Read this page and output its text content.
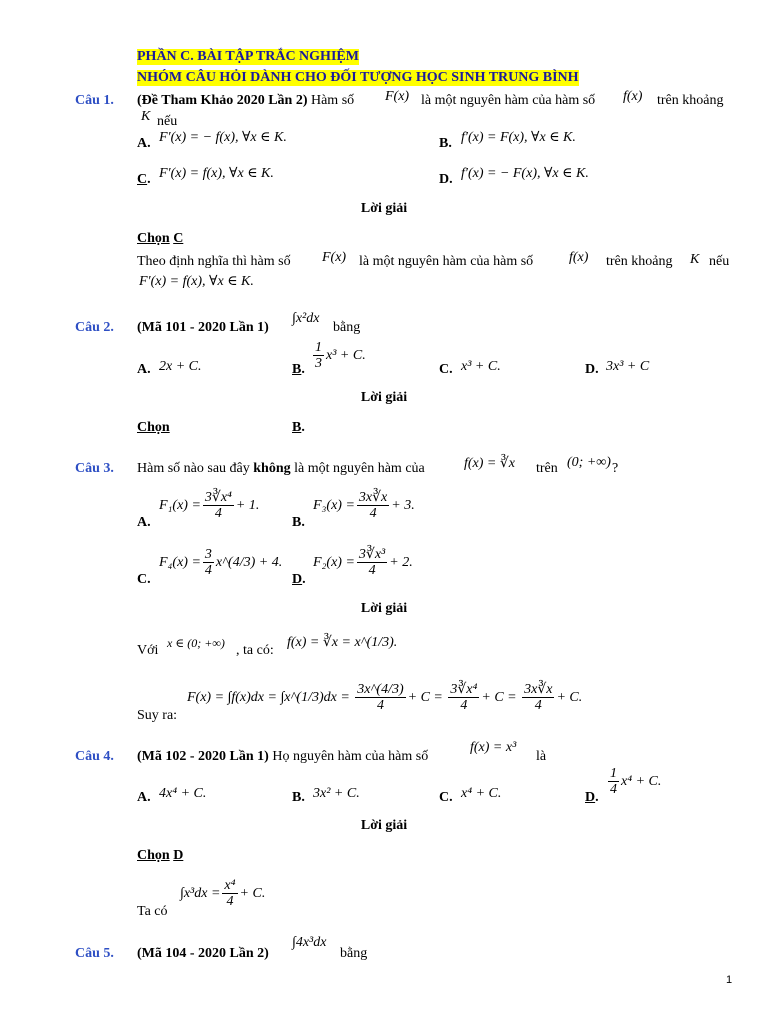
PHẦN C. BÀI TẬP TRẮC NGHIỆM
NHÓM CÂU HỎI DÀNH CHO ĐỐI TƯỢNG HỌC SINH TRUNG BÌNH
Câu 1. (Đề Tham Khảo 2020 Lần 2) Hàm số F(x) là một nguyên hàm của hàm số f(x) trên khoảng
K nếu
A. F′(x) = − f(x), ∀x ∈ K.	B. f′(x) = F(x), ∀x ∈ K.
C. F′(x) = f(x), ∀x ∈ K.	D. f′(x) = − F(x), ∀x ∈ K.
Lời giải
Chọn C
Theo định nghĩa thì hàm số F(x) là một nguyên hàm của hàm số	f(x) trên khoảng K nếu
F′(x) = f(x), ∀x ∈ K.
Câu 2. (Mã 101 - 2020 Lần 1)
∫x²dx
bằng
A. 2x + C.	B. $\frac{1}{3} x^3 + C$.
C. x³ + C.	D. 3x³ + C
Lời giải
Chọn	B.
Câu 3. Hàm số nào sau đây không là một nguyên hàm của	f(x) = ∛x trên (0; +∞) ?
A.
$F_1(x) = \frac{\text{3∛x⁴}}{4} + 1$.
B.
$F_3(x) = \frac{3x∛x}{4} + 3$.
C.
$F_4(x) = \frac{3}{4}$ x^(4/3) + 4.
D.
$F_2(x) = \frac{\text{3∛x³}}{4} + 2$.
Lời giải
Với x ∈ (0; +∞) , ta có:
f(x) = ∛x = x^(1/3).
Suy ra:
F(x) = ∫f(x)dx = ∫x^(1/3)dx = $\frac{3x\^{}(4/3)}{4} + C = \frac{\text{3∛x⁴}}{4} + C = \frac{3x∛x}{4} + C$.
Câu 4. (Mã 102 - 2020 Lần 1) Họ nguyên hàm của hàm số
f(x) = x³
là
A. 4x⁴ + C.	B. 3x² + C.	C. x⁴ + C.	D. $\frac{1}{4} x^4 + C$.
Lời giải
Chọn D
Ta có
$\int x^3dx = \frac{\text{x⁴}}{4} + C$.
Câu 5. (Mã 104 - 2020 Lần 2)
∫4x³dx
bằng
1
